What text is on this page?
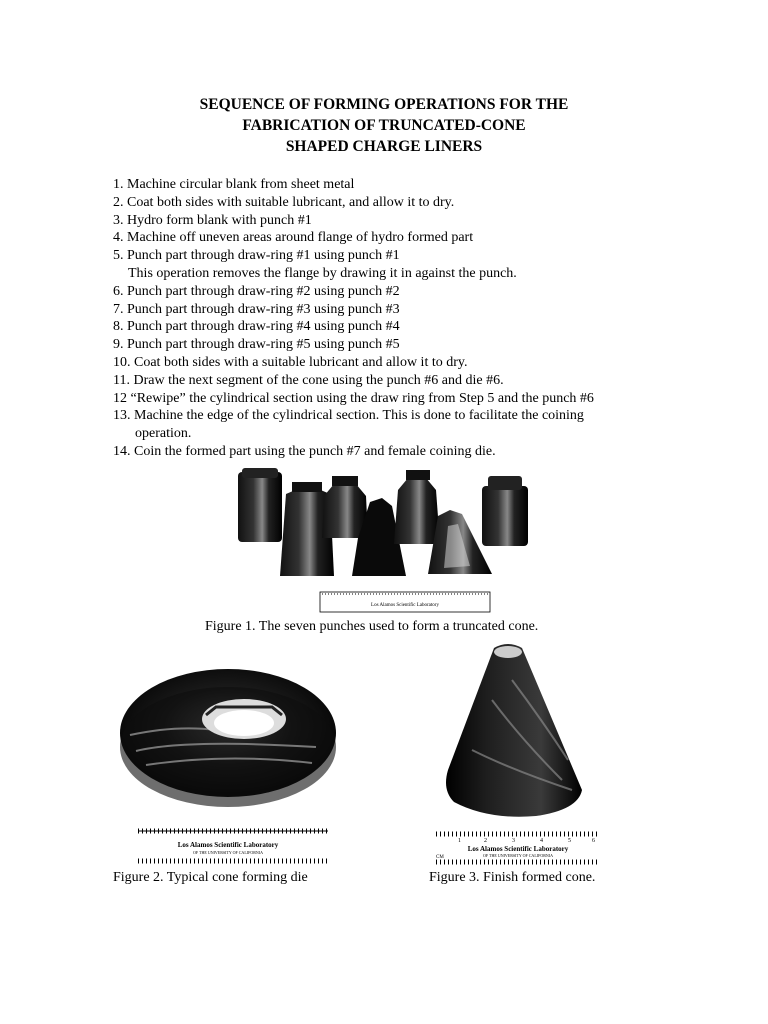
SEQUENCE OF FORMING OPERATIONS FOR THE
FABRICATION OF TRUNCATED-CONE
SHAPED CHARGE LINERS
1. Machine circular blank from sheet metal
2. Coat both sides with suitable lubricant, and allow it to dry.
3. Hydro form blank with punch #1
4. Machine off uneven areas around flange of hydro formed part
5. Punch part through draw-ring #1 using punch #1
This operation removes the flange by drawing it in against the punch.
6. Punch part through draw-ring #2 using punch #2
7. Punch part through draw-ring #3 using punch #3
8. Punch part through draw-ring #4 using punch #4
9. Punch part through draw-ring #5 using punch #5
10. Coat both sides with a suitable lubricant and allow it to dry.
11. Draw the next segment of the cone using the punch #6 and die #6.
12 “Rewipe” the cylindrical section using the draw ring from Step 5 and the punch #6
13. Machine the edge of the cylindrical section. This is done to facilitate the coining
operation.
14. Coin the formed part using the punch #7 and female coining die.
Los Alamos Scientific Laboratory
Figure 1. The seven punches used to form a truncated cone.
Los Alamos Scientific Laboratory
OF THE UNIVERSITY OF CALIFORNIA
Figure 2. Typical cone forming die
1	2	3	4	5	6
Los Alamos Scientific Laboratory
OF THE UNIVERSITY OF CALIFORNIA
CM
Figure 3. Finish formed cone.
